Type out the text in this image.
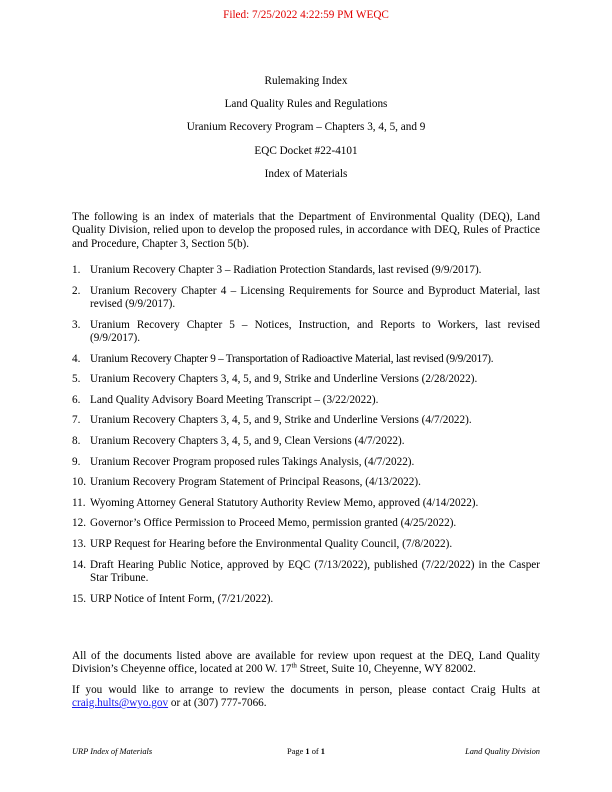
Filed: 7/25/2022 4:22:59 PM WEQC
Rulemaking Index
Land Quality Rules and Regulations
Uranium Recovery Program – Chapters 3, 4, 5, and 9
EQC Docket #22-4101
Index of Materials
The following is an index of materials that the Department of Environmental Quality (DEQ), Land Quality Division, relied upon to develop the proposed rules, in accordance with DEQ, Rules of Practice and Procedure, Chapter 3, Section 5(b).
1. Uranium Recovery Chapter 3 – Radiation Protection Standards, last revised (9/9/2017).
2. Uranium Recovery Chapter 4 – Licensing Requirements for Source and Byproduct Material, last revised (9/9/2017).
3. Uranium Recovery Chapter 5 – Notices, Instruction, and Reports to Workers, last revised (9/9/2017).
4. Uranium Recovery Chapter 9 – Transportation of Radioactive Material, last revised (9/9/2017).
5. Uranium Recovery Chapters 3, 4, 5, and 9, Strike and Underline Versions (2/28/2022).
6. Land Quality Advisory Board Meeting Transcript – (3/22/2022).
7. Uranium Recovery Chapters 3, 4, 5, and 9, Strike and Underline Versions (4/7/2022).
8. Uranium Recovery Chapters 3, 4, 5, and 9, Clean Versions (4/7/2022).
9. Uranium Recover Program proposed rules Takings Analysis, (4/7/2022).
10. Uranium Recovery Program Statement of Principal Reasons, (4/13/2022).
11. Wyoming Attorney General Statutory Authority Review Memo, approved (4/14/2022).
12. Governor’s Office Permission to Proceed Memo, permission granted (4/25/2022).
13. URP Request for Hearing before the Environmental Quality Council, (7/8/2022).
14. Draft Hearing Public Notice, approved by EQC (7/13/2022), published (7/22/2022) in the Casper Star Tribune.
15. URP Notice of Intent Form, (7/21/2022).

All of the documents listed above are available for review upon request at the DEQ, Land Quality Division’s Cheyenne office, located at 200 W. 17th Street, Suite 10, Cheyenne, WY 82002.

If you would like to arrange to review the documents in person, please contact Craig Hults at craig.hults@wyo.gov or at (307) 777-7066.

URP Index of Materials	Page 1 of 1	Land Quality Division
